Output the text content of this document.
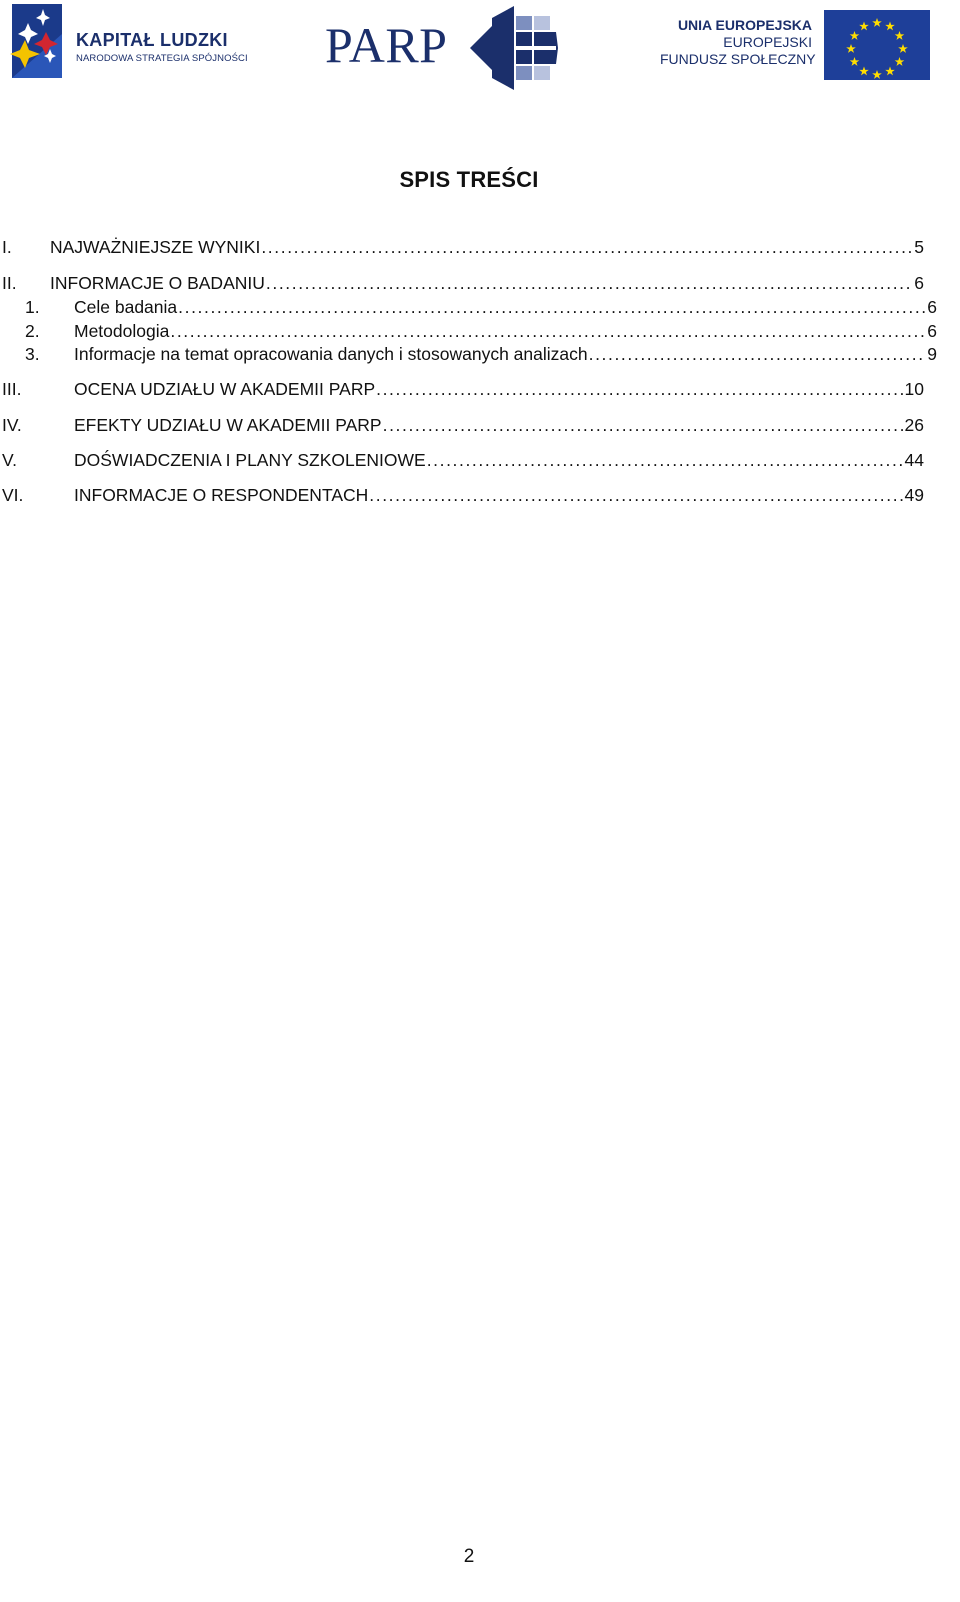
KAPITAŁ LUDZKI
NARODOWA STRATEGIA SPÓJNOŚCI PARP	UNIA EUROPEJSKA
EUROPEJSKI
FUNDUSZ SPOŁECZNY
SPIS TREŚCI
I. NAJWAŻNIEJSZE WYNIKI .....	5
II. INFORMACJE O BADANIU .....	6
1. Cele badania .....	6
2. Metodologia .....	6
3. Informacje na temat opracowania danych i stosowanych analizach .....	9
III.	OCENA UDZIAŁU W AKADEMII PARP .....	10
IV.	EFEKTY UDZIAŁU W AKADEMII PARP .....	26
V.	DOŚWIADCZENIA I PLANY SZKOLENIOWE .....	44
VI.	INFORMACJE O RESPONDENTACH .....	49
2
